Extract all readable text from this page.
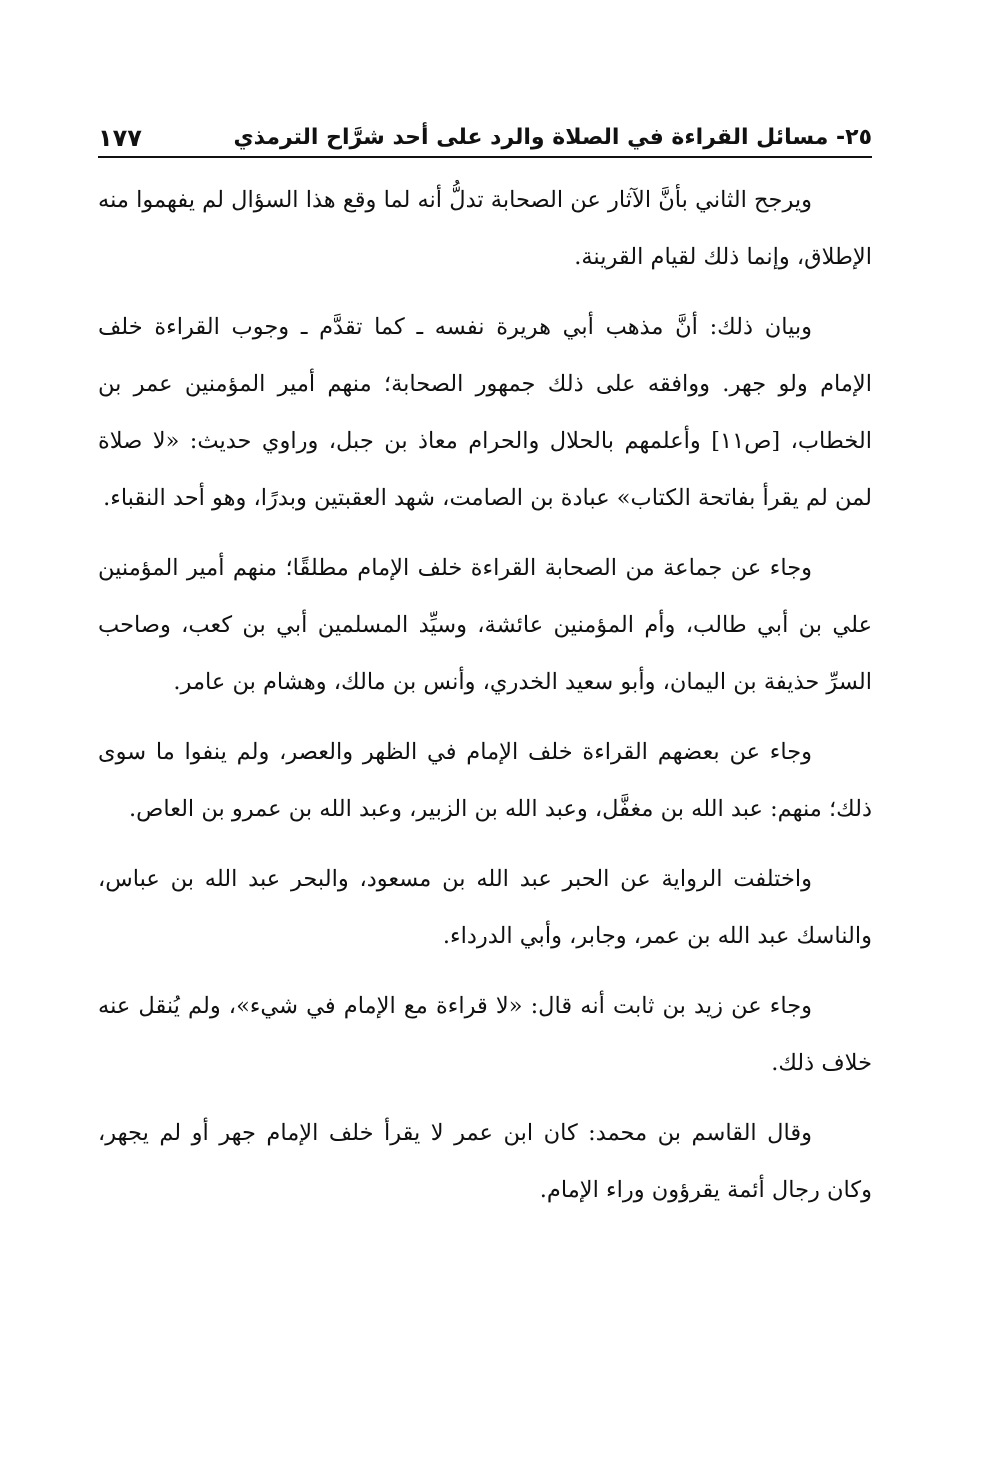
٢٥- مسائل القراءة في الصلاة والرد على أحد شرَّاح الترمذي
١٧٧

ويرجح الثاني بأنَّ الآثار عن الصحابة تدلُّ أنه لما وقع هذا السؤال لم يفهموا منه الإطلاق، وإنما ذلك لقيام القرينة.

وبيان ذلك: أنَّ مذهب أبي هريرة نفسه ـ كما تقدَّم ـ وجوب القراءة خلف الإمام ولو جهر. ووافقه على ذلك جمهور الصحابة؛ منهم أمير المؤمنين عمر بن الخطاب، [ص١١] وأعلمهم بالحلال والحرام معاذ بن جبل، وراوي حديث: «لا صلاة لمن لم يقرأ بفاتحة الكتاب» عبادة بن الصامت، شهد العقبتين وبدرًا، وهو أحد النقباء.

وجاء عن جماعة من الصحابة القراءة خلف الإمام مطلقًا؛ منهم أمير المؤمنين علي بن أبي طالب، وأم المؤمنين عائشة، وسيِّد المسلمين أبي بن كعب، وصاحب السرِّ حذيفة بن اليمان، وأبو سعيد الخدري، وأنس بن مالك، وهشام بن عامر.

وجاء عن بعضهم القراءة خلف الإمام في الظهر والعصر، ولم ينفوا ما سوى ذلك؛ منهم: عبد الله بن مغفَّل، وعبد الله بن الزبير، وعبد الله بن عمرو بن العاص.

واختلفت الرواية عن الحبر عبد الله بن مسعود، والبحر عبد الله بن عباس، والناسك عبد الله بن عمر، وجابر، وأبي الدرداء.

وجاء عن زيد بن ثابت أنه قال: «لا قراءة مع الإمام في شيء»، ولم يُنقل عنه خلاف ذلك.

وقال القاسم بن محمد: كان ابن عمر لا يقرأ خلف الإمام جهر أو لم يجهر، وكان رجال أئمة يقرؤون وراء الإمام.
